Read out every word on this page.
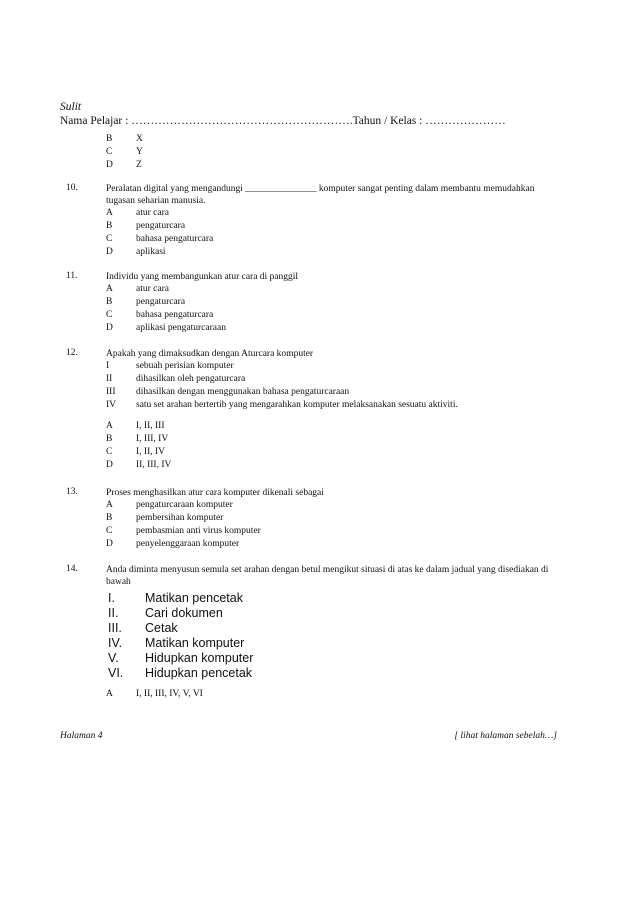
Sulit
Nama Pelajar : ………………………………………………….Tahun / Kelas : …………………
B X
C Y
D Z
10.	Peralatan digital yang mengandungi _______________ komputer sangat penting dalam membantu memudahkan tugasan seharian manusia.
A atur cara
B pengaturcara
C bahasa pengaturcara
D aplikasi
11.	Individu yang membangunkan atur cara di panggil
A atur cara
B pengaturcara
C bahasa pengaturcara
D aplikasi pengaturcaraan
12.	Apakah yang dimaksudkan dengan Aturcara komputer
I	sebuah perisian komputer
II dihasilkan oleh pengaturcara
III dihasilkan dengan menggunakan bahasa pengaturcaraan
IV satu set arahan bertertib yang mengarahkan komputer melaksanakan sesuatu aktiviti.
A I, II, III
B I, III, IV
C I, II, IV
D II, III, IV
13.	Proses menghasilkan atur cara komputer dikenali sebagai
A pengaturcaraan komputer
B pembersihan komputer
C pembasmian anti virus komputer
D penyelenggaraan komputer
14.	Anda diminta menyusun semula set arahan dengan betul mengikut situasi di atas ke dalam jadual yang disediakan di bawah
I. Matikan pencetak
II. Cari dokumen
III. Cetak
IV. Matikan komputer
V. Hidupkan komputer
VI. Hidupkan pencetak
A I, II, III, IV, V, VI
Halaman 4	[ lihat halaman sebelah…]
